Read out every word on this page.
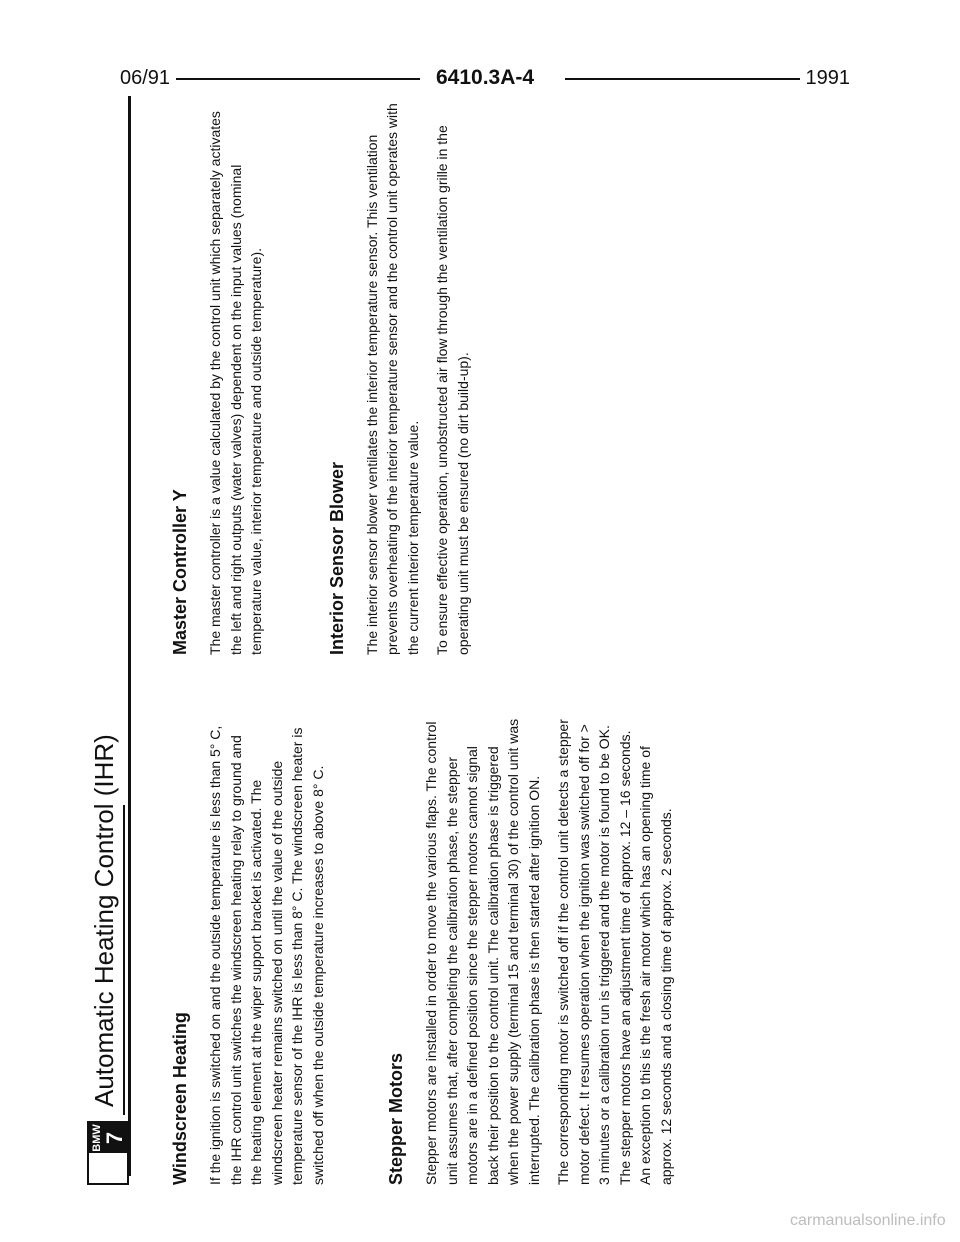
06/91	6410.3A-4	1991
BMW 7
Automatic Heating Control (IHR)	Windscreen Heating If the ignition is switched on and the outside temperature is less than 5° C, the IHR control unit switches the windscreen heating relay to ground and the heating element at the wiper support bracket is activated. The windscreen heater remains switched on until the value of the outside temperature sensor of the IHR is less than 8° C. The windscreen heater is switched off when the outside temperature increases to above 8° C.	Stepper Motors Stepper motors are installed in order to move the various flaps. The control unit assumes that, after completing the calibration phase, the stepper motors are in a defined position since the stepper motors cannot signal back their position to the control unit. The calibration phase is triggered when the power supply (terminal 15 and terminal 30) of the control unit was interrupted. The calibration phase is then started after ignition ON. The corresponding motor is switched off if the control unit detects a stepper motor defect. It resumes operation when the ignition was switched off for > 3 minutes or a calibration run is triggered and the motor is found to be OK. The stepper motors have an adjustment time of approx. 12 – 16 seconds. An exception to this is the fresh air motor which has an opening time of approx. 12 seconds and a closing time of approx. 2 seconds.

Master Controller Y The master controller is a value calculated by the control unit which separately activates the left and right outputs (water valves) dependent on the input values (nominal temperature value, interior temperature and outside temperature).	Interior Sensor Blower The interior sensor blower ventilates the interior temperature sensor. This ventilation prevents overheating of the interior temperature sensor and the control unit operates with the current interior temperature value. To ensure effective operation, unobstructed air flow through the ventilation grille in the operating unit must be ensured (no dirt build-up).

carmanualsonline.info
